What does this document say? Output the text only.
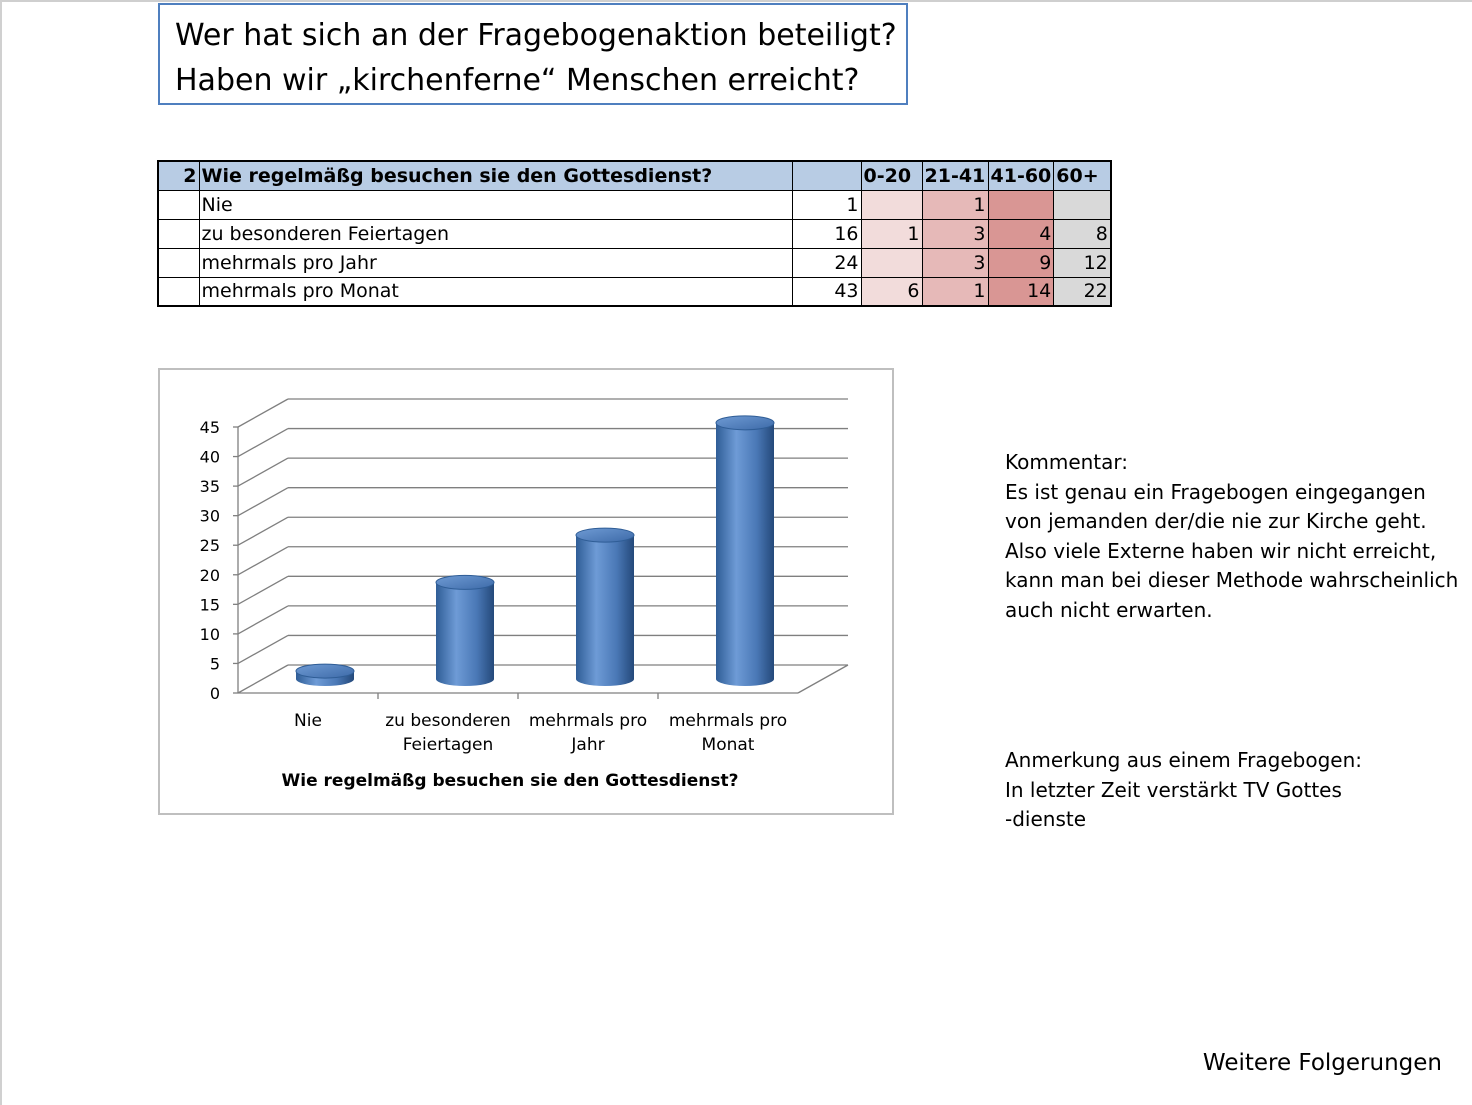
Wer hat sich an der Fragebogenaktion beteiligt?
Haben wir „kirchenferne“ Menschen erreicht?
2	Wie regelmäßg besuchen sie den Gottesdienst?		0-20	21-41	41-60	60+
	Nie	1		1		
	zu besonderen Feiertagen	16	1	3	4	8
	mehrmals pro Jahr	24		3	9	12
	mehrmals pro Monat	43	6	1	14	22
0
5
10
15
20
25
30
35
40
45
Nie	zu besonderen
Feiertagen
mehrmals pro
Jahr
mehrmals pro
Monat
Wie regelmäßg besuchen sie den Gottesdienst?
Kommentar:
Es ist genau ein Fragebogen eingegangen
von jemanden der/die nie zur Kirche geht.
Also viele Externe haben wir nicht erreicht,
kann man bei dieser Methode wahrscheinlich
auch nicht erwarten.
Anmerkung aus einem Fragebogen:
In letzter Zeit verstärkt TV Gottes
-dienste
Weitere Folgerungen
